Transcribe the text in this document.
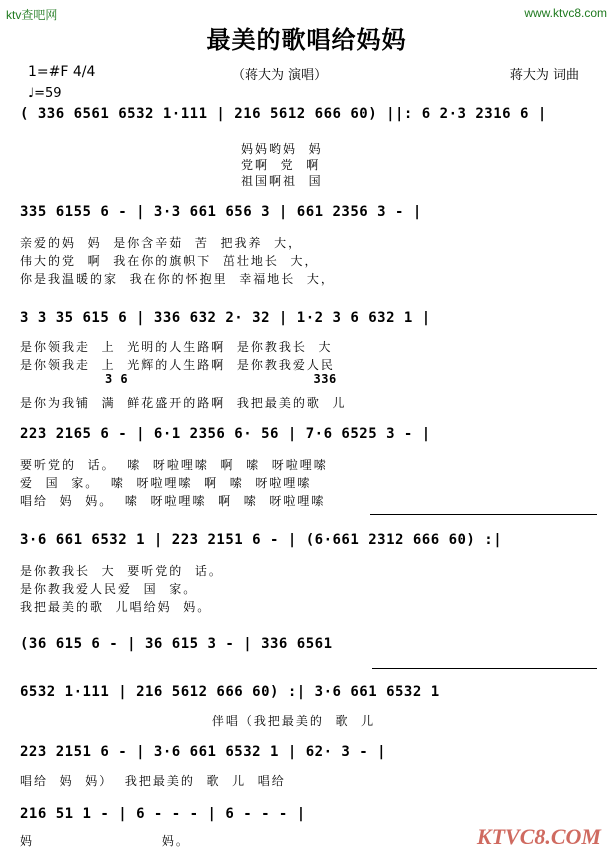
ktv查吧网	www.ktvc8.com
最美的歌唱给妈妈
1=#F 4/4
♩=59
（蒋大为 演唱）	蒋大为 词曲
( 336 6561 6532 1·111 | 216 5612 666 60) ||: 6 2·3 2316 6 |
妈妈哟妈  妈
党啊  党  啊
祖国啊祖  国
335 6155 6 - | 3·3 661 656 3 | 661 2356 3 - |
亲爱的妈  妈  是你含辛茹  苦  把我养  大，
伟大的党  啊  我在你的旗帜下  茁壮地长  大，
你是我温暖的家  我在你的怀抱里  幸福地长  大，
3 3 35 615 6 | 336 632 2· 32 | 1·2 3 6 632 1 |
是你领我走  上  光明的人生路啊  是你教我长  大
是你领我走  上  光辉的人生路啊  是你教我爱人民
3 6                        336
是你为我铺  满  鲜花盛开的路啊  我把最美的歌  儿
223 2165 6 - | 6·1 2356 6· 56 | 7·6 6525 3 - |
要听党的  话。  嗦  呀啦哩嗦  啊  嗦  呀啦哩嗦
爱  国  家。  嗦  呀啦哩嗦  啊  嗦  呀啦哩嗦
唱给  妈  妈。  嗦  呀啦哩嗦  啊  嗦  呀啦哩嗦
3·6 661 6532 1 | 223 2151 6 - | (6·661 2312 666 60) :|
是你教我长  大  要听党的  话。
是你教我爱人民爱  国  家。
我把最美的歌  儿唱给妈  妈。
(36 615 6 - | 36 615 3 - | 336 6561
6532 1·111 | 216 5612 666 60) :| 3·6 661 6532 1
伴唱（我把最美的  歌  儿
223 2151 6 - | 3·6 661 6532 1 | 62· 3 - |
唱给  妈  妈）  我把最美的  歌  儿  唱给
216 51 1 - | 6 - - - | 6 - - - |
妈                      妈。	KTVC8.COM
